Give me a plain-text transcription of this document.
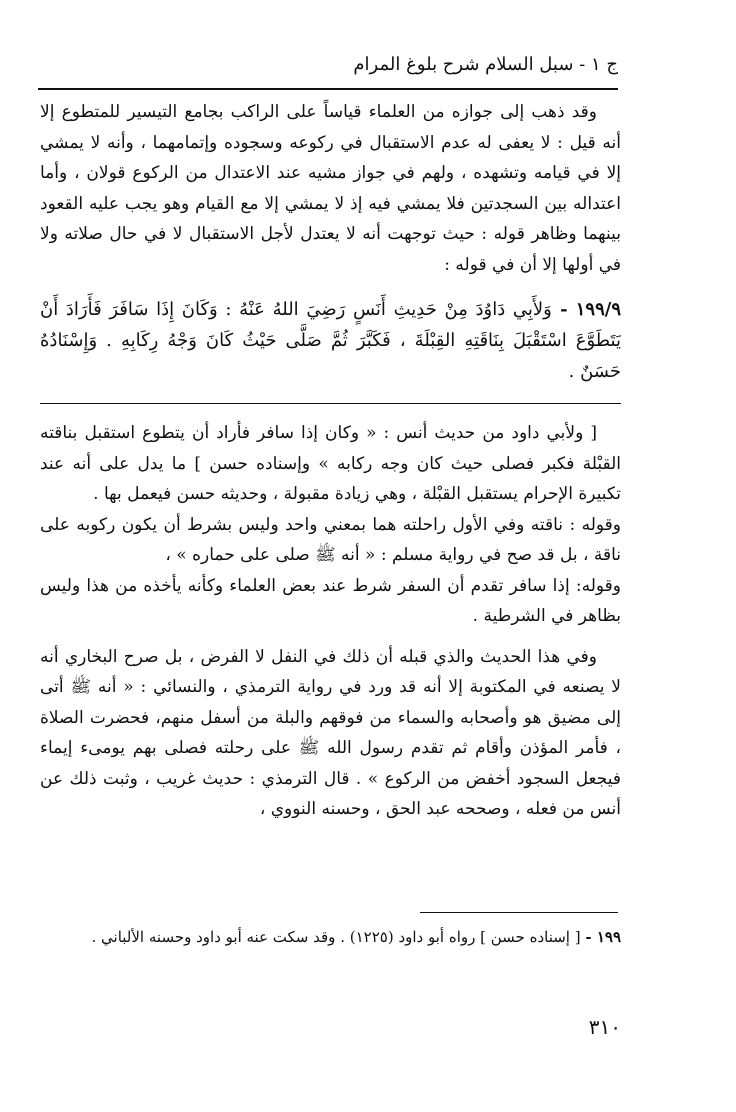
ج ١ - سبل السلام شرح بلوغ المرام

وقد ذهب إلى جوازه من العلماء قياساً على الراكب بجامع التيسير للمتطوع إلا أنه قيل : لا يعفى له عدم الاستقبال في ركوعه وسجوده وإتمامهما ، وأنه لا يمشي إلا في قيامه وتشهده ، ولهم في جواز مشيه عند الاعتدال من الركوع قولان ، وأما اعتداله بين السجدتين فلا يمشي فيه إذ لا يمشي إلا مع القيام وهو يجب عليه القعود بينهما وظاهر قوله : حيث توجهت أنه لا يعتدل لأجل الاستقبال لا في حال صلاته ولا في أولها إلا أن في قوله :

١٩٩/٩ - وَلأَبِي دَاوُدَ مِنْ حَدِيثِ أَنَسٍ رَضِيَ اللهُ عَنْهُ : وَكَانَ إِذَا سَافَرَ فَأَرَادَ أَنْ يَتَطَوَّعَ اسْتَقْبَلَ بِنَاقَتِهِ القِبْلَةَ ، فَكَبَّرَ ثُمَّ صَلَّى حَيْثُ كَانَ وَجْهُ رِكَابِهِ . وَإِسْنَادُهُ حَسَنٌ .

[ ولأبي داود من حديث أنس : « وكان إذا سافر فأراد أن يتطوع استقبل بناقته القبْلة فكبر فصلى حيث كان وجه ركابه » وإسناده حسن ] ما يدل على أنه عند تكبيرة الإحرام يستقبل القبْلة ، وهي زيادة مقبولة ، وحديثه حسن فيعمل بها .

وقوله : ناقته وفي الأول راحلته هما بمعني واحد وليس بشرط أن يكون ركوبه على ناقة ، بل قد صح في رواية مسلم : « أنه ﷺ صلى على حماره » ،

وقوله: إذا سافر تقدم أن السفر شرط عند بعض العلماء وكأنه يأخذه من هذا وليس بظاهر في الشرطية .

وفي هذا الحديث والذي قبله أن ذلك في النفل لا الفرض ، بل صرح البخاري أنه لا يصنعه في المكتوبة إلا أنه قد ورد في رواية الترمذي ، والنسائي : « أنه ﷺ أتى إلى مضيق هو وأصحابه والسماء من فوقهم والبلة من أسفل منهم، فحضرت الصلاة ، فأمر المؤذن وأقام ثم تقدم رسول الله ﷺ على رحلته فصلى بهم يومىء إيماء فيجعل السجود أخفض من الركوع » . قال الترمذي : حديث غريب ، وثبت ذلك عن أنس من فعله ، وصححه عبد الحق ، وحسنه النووي ،

١٩٩ - [ إسناده حسن ] رواه أبو داود (١٢٢٥) . وقد سكت عنه أبو داود وحسنه الألباني .
٣١٠
